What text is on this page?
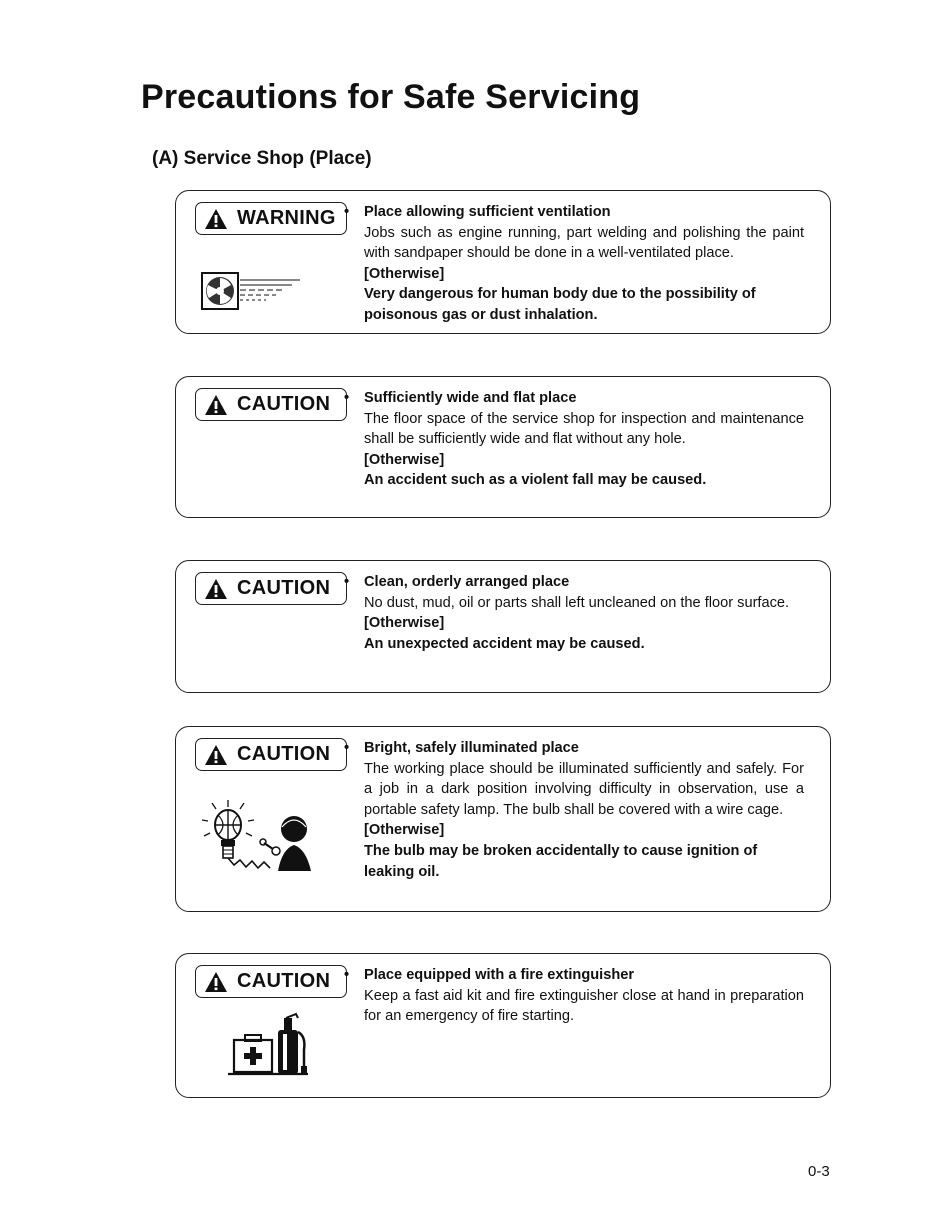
Precautions for Safe Servicing
(A) Service Shop (Place)
WARNING • Place allowing sufficient ventilation

Jobs such as engine running, part welding and polishing the paint with sandpaper should be done in a well-ventilated place.

[Otherwise]

Very dangerous for human body due to the possibility of poisonous gas or dust inhalation.

CAUTION • Sufficiently wide and flat place

The floor space of the service shop for inspection and maintenance shall be sufficiently wide and flat without any hole.

[Otherwise]

An accident such as a violent fall may be caused.

CAUTION • Clean, orderly arranged place

No dust, mud, oil or parts shall left uncleaned on the floor surface.

[Otherwise]

An unexpected accident may be caused.

CAUTION • Bright, safely illuminated place

The working place should be illuminated sufficiently and safely. For a job in a dark position involving difficulty in observation, use a portable safety lamp. The bulb shall be covered with a wire cage.

[Otherwise]

The bulb may be broken accidentally to cause ignition of leaking oil.

CAUTION • Place equipped with a fire extinguisher

Keep a fast aid kit and fire extinguisher close at hand in preparation for an emergency of fire starting.

0-3
